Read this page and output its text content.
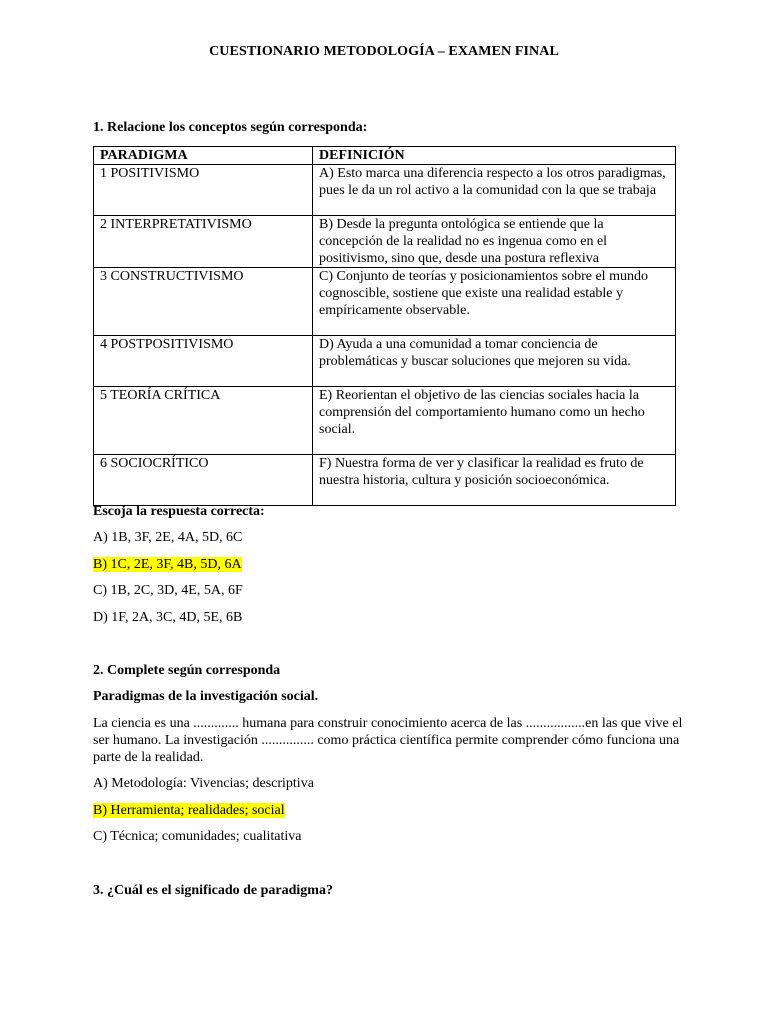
CUESTIONARIO METODOLOGÍA – EXAMEN FINAL
1. Relacione los conceptos según corresponda:
PARADIGMA	DEFINICIÓN
1 POSITIVISMO	A) Esto marca una diferencia respecto a los otros paradigmas, pues le da un rol activo a la comunidad con la que se trabaja
2 INTERPRETATIVISMO	B) Desde la pregunta ontológica se entiende que la concepción de la realidad no es ingenua como en el positivismo, sino que, desde una postura reflexiva
3 CONSTRUCTIVISMO	C) Conjunto de teorías y posicionamientos sobre el mundo cognoscible, sostiene que existe una realidad estable y empíricamente observable.
4 POSTPOSITIVISMO	D) Ayuda a una comunidad a tomar conciencia de problemáticas y buscar soluciones que mejoren su vida.
5 TEORÍA CRÍTICA	E) Reorientan el objetivo de las ciencias sociales hacia la comprensión del comportamiento humano como un hecho social.
6 SOCIOCRÍTICO	F) Nuestra forma de ver y clasificar la realidad es fruto de nuestra historia, cultura y posición socioeconómica.
Escoja la respuesta correcta:
A) 1B, 3F, 2E, 4A, 5D, 6C
B) 1C, 2E, 3F, 4B, 5D, 6A
C) 1B, 2C, 3D, 4E, 5A, 6F
D) 1F, 2A, 3C, 4D, 5E, 6B
2. Complete según corresponda
Paradigmas de la investigación social.
La ciencia es una ............. humana para construir conocimiento acerca de las .................en las que vive el ser humano. La investigación ............... como práctica científica permite comprender cómo funciona una parte de la realidad.
A) Metodología: Vivencias; descriptiva
B) Herramienta; realidades; social
C) Técnica; comunidades; cualitativa
3. ¿Cuál es el significado de paradigma?
